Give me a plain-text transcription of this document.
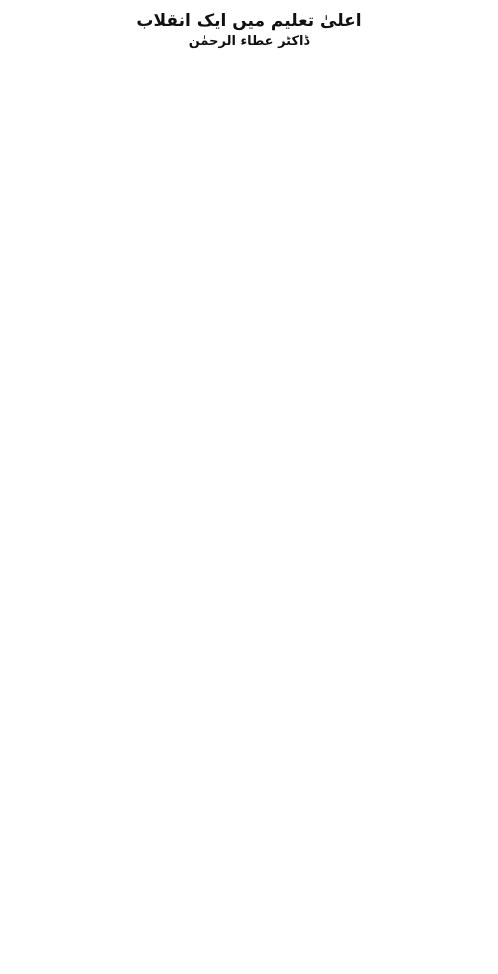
اعلیٰ تعلیم میں ایک انقلاب
ڈاکٹر عطاء الرحمٰن
